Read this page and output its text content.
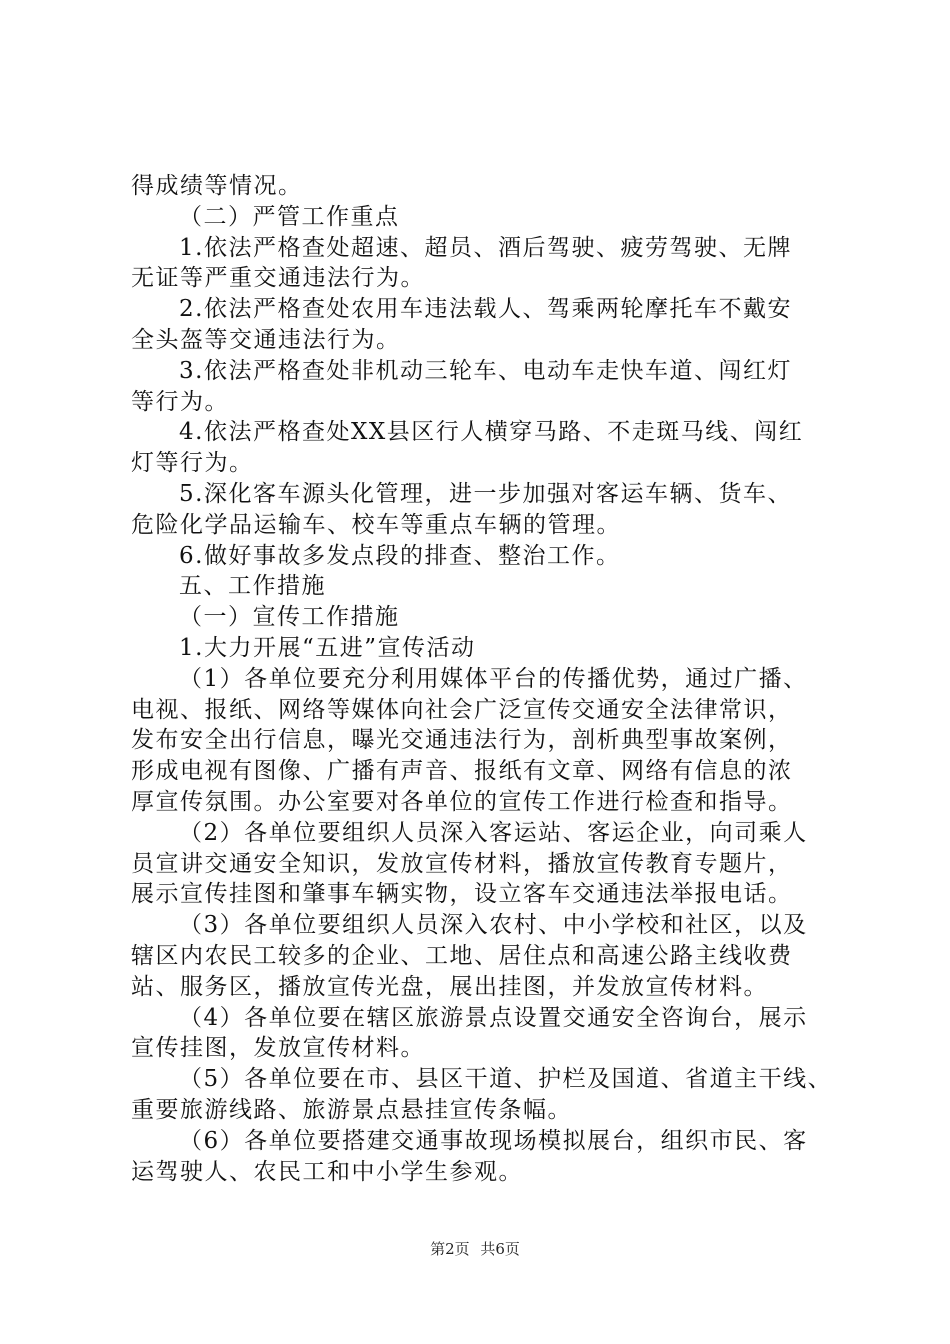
得成绩等情况。
（二）严管工作重点
1.依法严格查处超速、超员、酒后驾驶、疲劳驾驶、无牌
无证等严重交通违法行为。
2.依法严格查处农用车违法载人、驾乘两轮摩托车不戴安
全头盔等交通违法行为。
3.依法严格查处非机动三轮车、电动车走快车道、闯红灯
等行为。
4.依法严格查处XX县区行人横穿马路、不走斑马线、闯红
灯等行为。
5.深化客车源头化管理，进一步加强对客运车辆、货车、
危险化学品运输车、校车等重点车辆的管理。
6.做好事故多发点段的排查、整治工作。
五、工作措施
（一）宣传工作措施
1.大力开展“五进”宣传活动
（1）各单位要充分利用媒体平台的传播优势，通过广播、
电视、报纸、网络等媒体向社会广泛宣传交通安全法律常识，
发布安全出行信息，曝光交通违法行为，剖析典型事故案例，
形成电视有图像、广播有声音、报纸有文章、网络有信息的浓
厚宣传氛围。办公室要对各单位的宣传工作进行检查和指导。
（2）各单位要组织人员深入客运站、客运企业，向司乘人
员宣讲交通安全知识，发放宣传材料，播放宣传教育专题片，
展示宣传挂图和肇事车辆实物，设立客车交通违法举报电话。
（3）各单位要组织人员深入农村、中小学校和社区，以及
辖区内农民工较多的企业、工地、居住点和高速公路主线收费
站、服务区，播放宣传光盘，展出挂图，并发放宣传材料。
（4）各单位要在辖区旅游景点设置交通安全咨询台，展示
宣传挂图，发放宣传材料。
（5）各单位要在市、县区干道、护栏及国道、省道主干线、
重要旅游线路、旅游景点悬挂宣传条幅。
（6）各单位要搭建交通事故现场模拟展台，组织市民、客
运驾驶人、农民工和中小学生参观。
第2页 共6页
